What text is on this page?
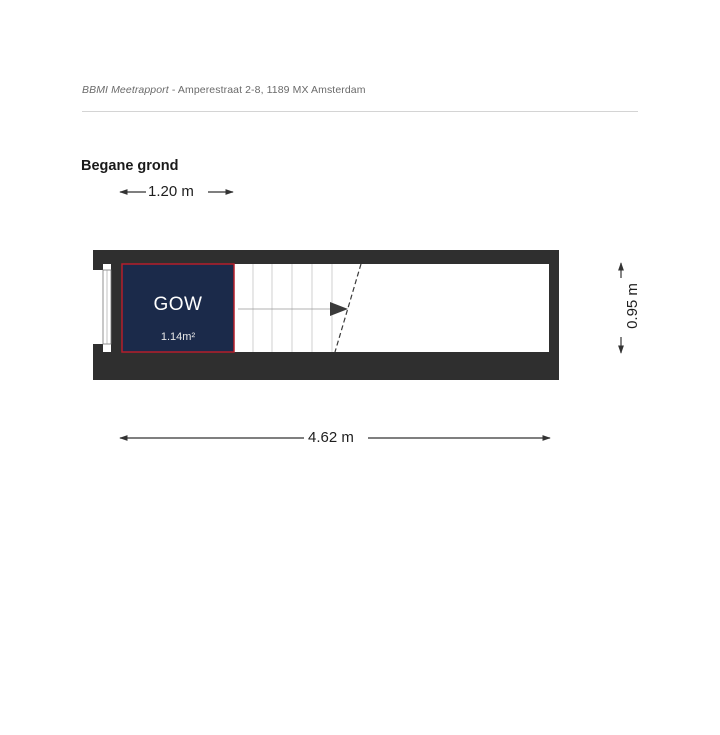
BBMI Meetrapport - Amperestraat 2-8, 1189 MX Amsterdam
Begane grond
1.20 m
4.62 m
0.95 m
GOW
1.14m²
